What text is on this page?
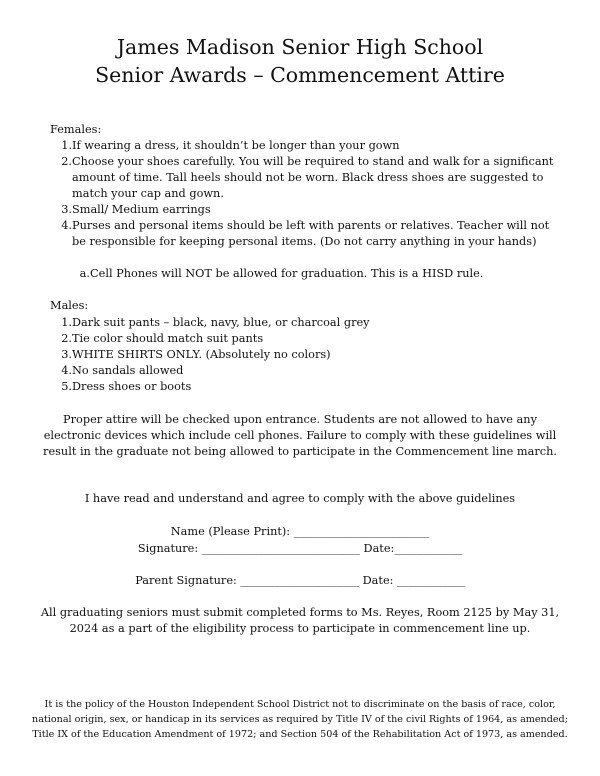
James Madison Senior High School
Senior Awards – Commencement Attire
Females:
1. If wearing a dress, it shouldn’t be longer than your gown
2. Choose your shoes carefully. You will be required to stand and walk for a significant amount of time. Tall heels should not be worn. Black dress shoes are suggested to match your cap and gown.
3. Small/ Medium earrings
4. Purses and personal items should be left with parents or relatives. Teacher will not be responsible for keeping personal items. (Do not carry anything in your hands)
a. Cell Phones will NOT be allowed for graduation. This is a HISD rule.
Males:
1. Dark suit pants – black, navy, blue, or charcoal grey
2. Tie color should match suit pants
3. WHITE SHIRTS ONLY. (Absolutely no colors)
4. No sandals allowed
5. Dress shoes or boots
Proper attire will be checked upon entrance. Students are not allowed to have any electronic devices which include cell phones. Failure to comply with these guidelines will result in the graduate not being allowed to participate in the Commencement line march.
I have read and understand and agree to comply with the above guidelines
Name (Please Print): ________________________
Signature: ____________________________ Date:____________
Parent Signature: _____________________ Date: ____________
All graduating seniors must submit completed forms to Ms. Reyes, Room 2125 by May 31, 2024 as a part of the eligibility process to participate in commencement line up.
It is the policy of the Houston Independent School District not to discriminate on the basis of race, color, national origin, sex, or handicap in its services as required by Title IV of the civil Rights of 1964, as amended; Title IX of the Education Amendment of 1972; and Section 504 of the Rehabilitation Act of 1973, as amended.
